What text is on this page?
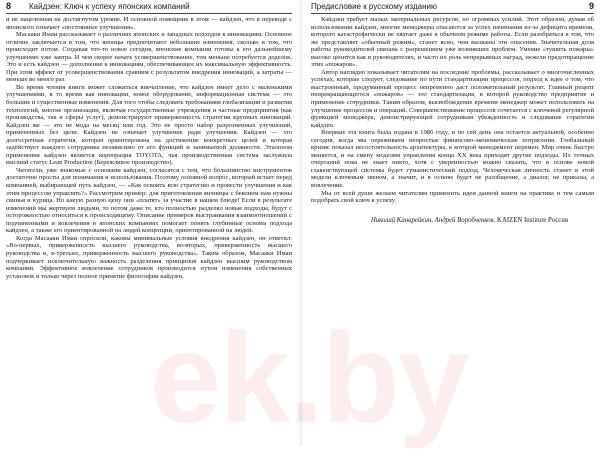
8 Кайдзен: Ключ к успеху японских компаний

и не нацеленная на достигнутом уровне. И основной помощник в этом — кайдзен, что в переводе с японского означает «постоянные улучшения».

Масааки Имаи рассказывает о различиях японских и западных подходов к инновациям. Основное отличие заключается в том, что японцы предпочитают небольшие изменения, сколько в том, что происходит потом. Создавая что-то новое сегодня, японские компании готовы к его дальнейшему улучшению уже завтра. И чем скорее начать усовершенствование, тем меньше потребуется доделок. Это и есть кайдзен — дополнение к инновациям, обеспечивающее их максимальную эффективность. При этом эффект от усовершенствования сравним с результатом внедрения инноваций, а затраты — меньше во много раз.

Во время чтения книги может сложиться впечатление, что кайдзен имеет дело с маленькими улучшениями, в то время как инновации, новое оборудование, информационная система — это большие и существенные изменения. Для того чтобы следовать требованиям глобализации и развития технологий, многие организации, включая государственные учреждения и частные предприятия (как производства, так и сферы услуг), демонстрируют приверженность стратегии крупных инноваций. Кайдзен же — это не мода на месяц или год. Это не просто набор разрозненных улучшений, примененных без цели. Кайдзен не означает улучшение ради улучшения. Кайдзен — это долгосрочная стратегия, которая ориентирована на достижение конкретных целей и которая задействует каждого сотрудника независимо от его функций и занимаемой должности. Эталоном применения кайдзен является корпорация TOYOTA, чья производственная система заслужила высший статус Lean Production (Бережливое производство).

Читатели, уже знакомые с основами кайдзен, согласятся с тем, что большинство инструментов достаточно просты для понимания и использования. Поэтому основной вопрос, который встает перед компанией, выбирающей путь кайдзен, — «Как освоить всю стратегию и провести улучшения и как этим процессом управлять?» Рассмотрим пример: для приготовления яичницы с беконом нам нужны свинья и курица. Но какую разную цену они «платят» за участие в нашем блюде! Если в результате изменений мы жертвуем людьми, то потом даже те, кто полностью разделял новые подходы, будут с осторожностью относиться к происходящему. Описание примеров выстраивания взаимоотношений с подчиненными и вовлечения в японских компаниях помогает понять глубинные основы подхода кайдзен, а также его ориентированной на людей концепции, ориентированной на людей.

Когда Масааки Имаи спросили, каковы минимальные условия внедрения кайдзен, он ответил: «Во-первых, приверженность высшего руководства, во-вторых, приверженность высшего руководства и, в-третьих, приверженность высшего руководства». Таким образом, Масааки Имаи подчеркивает исключительную важность разделения принципов кайдзен высшим руководством компании. Эффективное вовлечение сотрудников производится путем изменения собственных установок и только через полное принятие философии кайдзен.

Предисловие к русскому изданию	9

Кайдзен требует малых материальных ресурсов, но огромных усилий. Этот образом, думая об использовании кайдзен, многие менеджеры опасаются за успех начинания из-за дефицита времени, которого катастрофически не хватает даже в обычном режиме работы. Если разобраться в том, что же представляет «обычный режим», станет ясно, чем вызваны эти опасения. Значительная доля работы руководителей связана с разрешением уже возникших проблем. Умение «тушить пожары» высоко ценится как в руководителях, и часто их роль непрерывных наград, нежели предотвращение этих «пожаров».

Автор наглядно показывает читателям на последние проблемы, рассказывает о многочисленных успехах, которые следует, следование по пути стандартизации процессов, подход к идее о том, что выстроенный, продуманный процесс непременно даст положительный результат. Главный рецепт непрекращающегося «пожаров» — это стандартизация, в которой руководство предприятие и применение сотрудники. Таким образом, высвобождение времени менеджер может использовать на улучшение процессов и операций. Совершенствование процессов сочетается с ключевой регулярной функцией менеджера, демонстрирующей сотрудникам убежденность и следование стратегии кайдзен.

Впервые эта книга была издана в 1986 году, и по сей день она остается актуальной, особенно сегодня, когда мы переживаем непростые финансово-экономические потрясения. Глобальный кризис показал несостоятельность архитектуры, в которой менеджмент перемен. Мир очень быстро меняется, и на смену моделям управления конца XX века приходят другие подходы. Их точных очертаний пока не знает никто, хотя с уверенностью можно сказать, что в основе новой главенствующей системы будет гуманистический подход. Человеческая личность станет в этой модели ключевым звеном, а значит, и в основе будет не разобщение, а диалог, не приказы, а вовлечение.

Мы от всей души желаем читателям применить идеи данной книги на практике и тем самым подобрать свой ключ к успеху.

Николай Канарейкин, Андрей Воробченков, KAIZEN Institute Россия
ek.by
